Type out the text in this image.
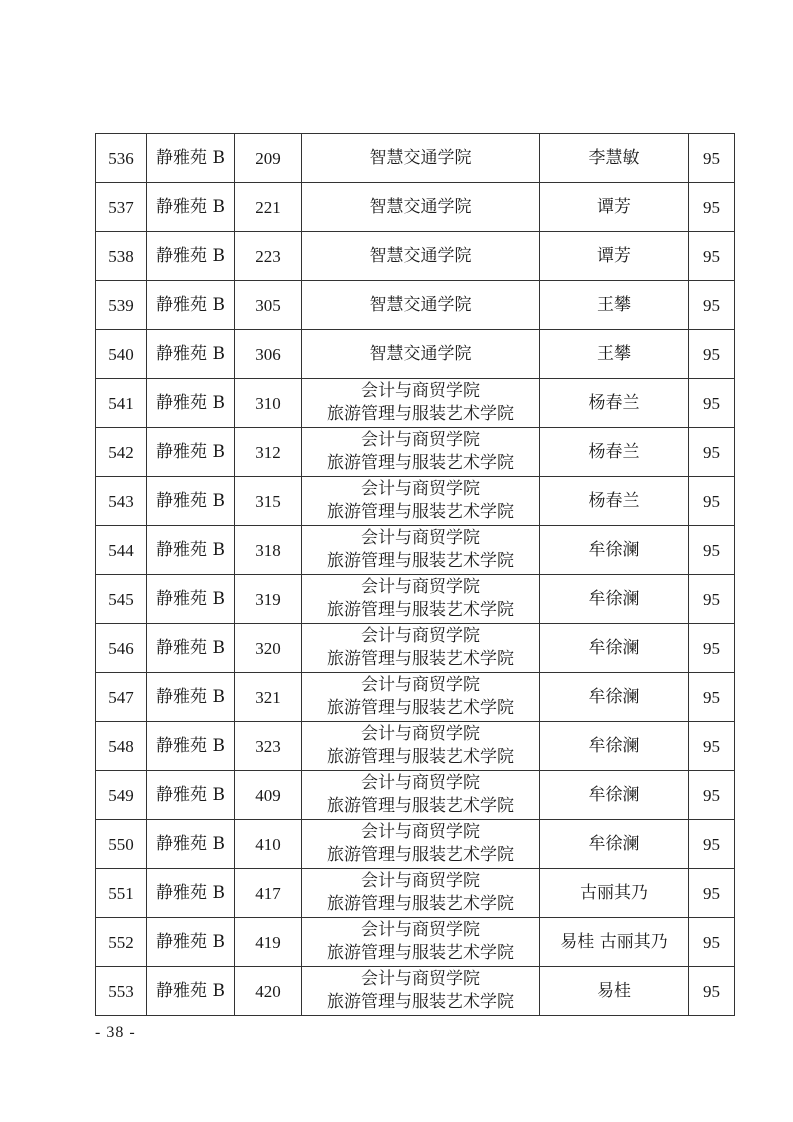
536	静雅苑 B	209	智慧交通学院	李慧敏	95
537	静雅苑 B	221	智慧交通学院	谭芳	95
538	静雅苑 B	223	智慧交通学院	谭芳	95
539	静雅苑 B	305	智慧交通学院	王攀	95
540	静雅苑 B	306	智慧交通学院	王攀	95
541	静雅苑 B	310	会计与商贸学院
旅游管理与服装艺术学院	杨春兰	95
542	静雅苑 B	312	会计与商贸学院
旅游管理与服装艺术学院	杨春兰	95
543	静雅苑 B	315	会计与商贸学院
旅游管理与服装艺术学院	杨春兰	95
544	静雅苑 B	318	会计与商贸学院
旅游管理与服装艺术学院	牟徐澜	95
545	静雅苑 B	319	会计与商贸学院
旅游管理与服装艺术学院	牟徐澜	95
546	静雅苑 B	320	会计与商贸学院
旅游管理与服装艺术学院	牟徐澜	95
547	静雅苑 B	321	会计与商贸学院
旅游管理与服装艺术学院	牟徐澜	95
548	静雅苑 B	323	会计与商贸学院
旅游管理与服装艺术学院	牟徐澜	95
549	静雅苑 B	409	会计与商贸学院
旅游管理与服装艺术学院	牟徐澜	95
550	静雅苑 B	410	会计与商贸学院
旅游管理与服装艺术学院	牟徐澜	95
551	静雅苑 B	417	会计与商贸学院
旅游管理与服装艺术学院	古丽其乃	95
552	静雅苑 B	419	会计与商贸学院
旅游管理与服装艺术学院	易桂 古丽其乃	95
553	静雅苑 B	420	会计与商贸学院
旅游管理与服装艺术学院	易桂	95
- 38 -
